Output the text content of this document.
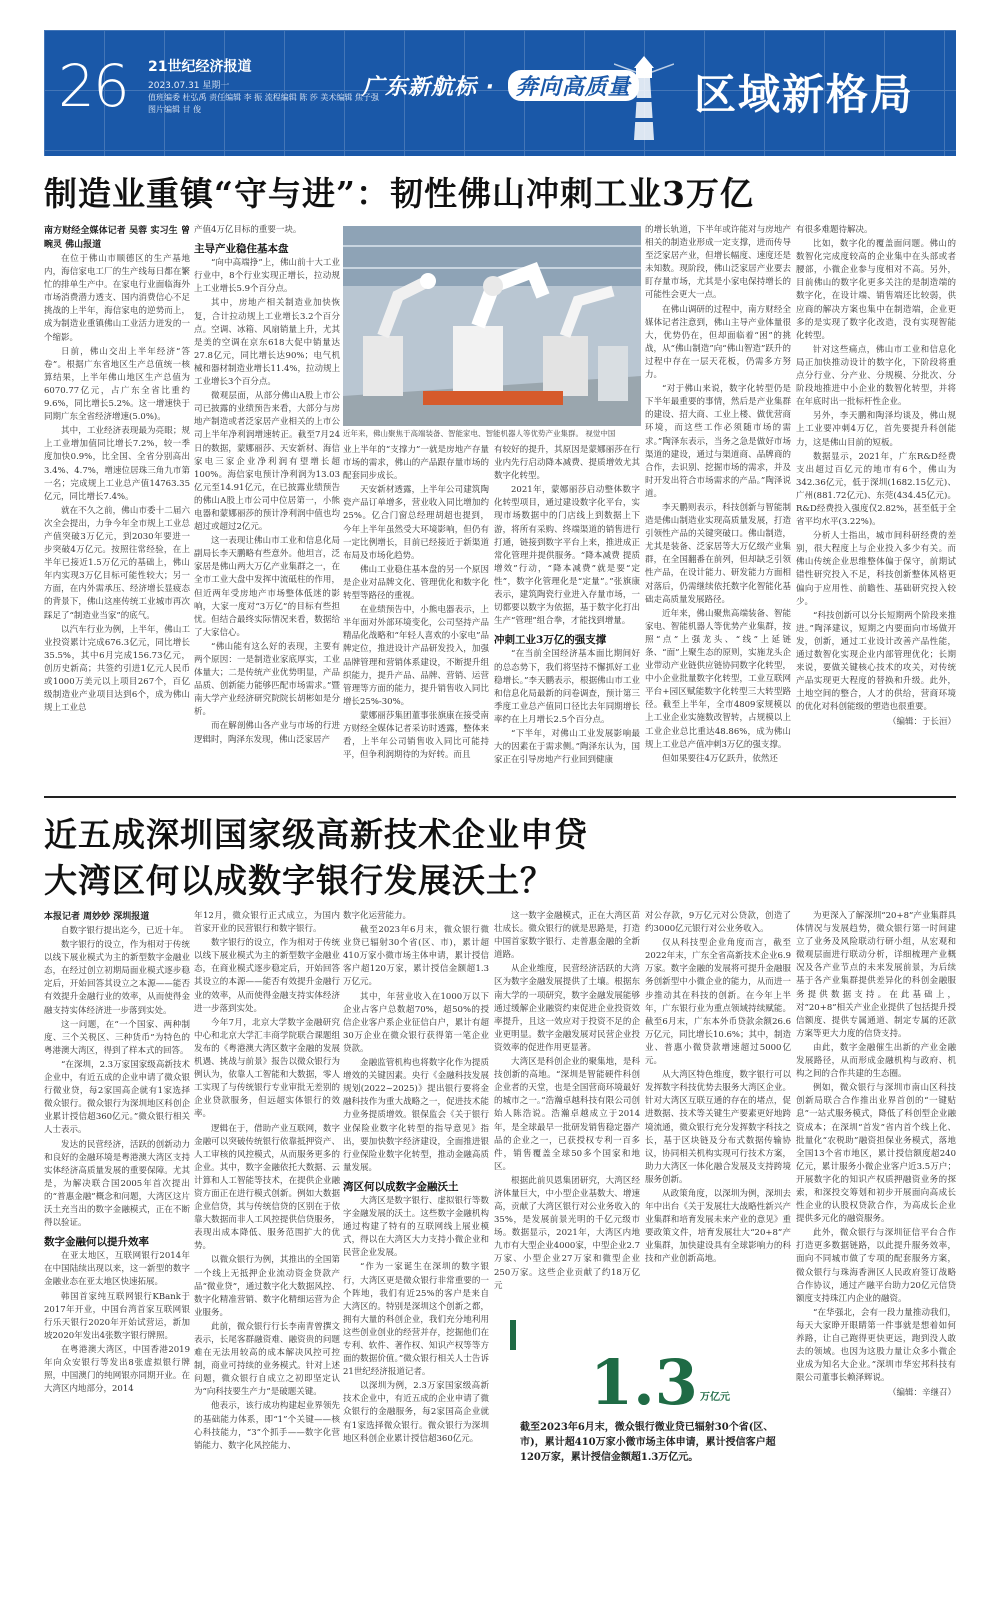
26 21世纪经济报道
2023.07.31 星期一
值班编委 杜弘禹 责任编辑 李 振 流程编辑 陈 莎 美术编辑 焦子强 图片编辑 甘 俊
广东新航标 · 奔向高质量 区域新格局
制造业重镇“守与进”：韧性佛山冲刺工业3万亿

南方财经全媒体记者 吴蓉 实习生 曾畹灵 佛山报道

在位于佛山市顺德区的生产基地内，海信家电工厂的生产线每日都在繁忙的排单生产中。在家电行业面临海外市场消费潜力透支、国内消费信心不足挑战的上半年，海信家电的逆势而上，成为制造业重镇佛山工业活力迸发的一个缩影。

日前，佛山交出上半年经济“答卷”。根据广东省地区生产总值统一核算结果，上半年佛山地区生产总值为6070.77亿元，占广东全省比重约9.6%，同比增长5.2%。这一增速快于同期广东全省经济增速(5.0%)。

其中，工业经济表现最为亮眼；规上工业增加值同比增长7.2%，较一季度加快0.9%，比全国、全省分别高出3.4%、4.7%，增速位居珠三角九市第一名；完成规上工业总产值14763.35亿元，同比增长7.4%。

就在不久之前，佛山市委十二届六次全会提出，力争今年全市规上工业总产值突破3万亿元，到2030年要进一步突破4万亿元。按照往常经验，在上半年已接近1.5万亿元的基础上，佛山年内实现3万亿目标可能性较大；另一方面，在内外需承压、经济增长显疲态的背景下，佛山这座传统工业城市再次踩足了“制造业当家”的底气。

以汽车行业为例，上半年，佛山工业投资累计完成676.3亿元，同比增长35.5%，其中6月完成156.73亿元，创历史新高；共签约引进1亿元人民币或1000万美元以上项目267个，百亿级制造业产业项目达到6个，成为佛山规上工业总

产值4万亿目标的重要一块。

主导产业稳住基本盘

“向中高端挣”上，佛山前十大工业行业中，8个行业实现正增长，拉动规上工业增长5.9个百分点。

其中，房地产相关制造业加快恢复，合计拉动规上工业增长3.2个百分点。空调、冰箱、风扇销量上升，尤其是美的空调在京东618大促中销量达27.8亿元，同比增长达90%；电气机械和器材制造业增长11.4%，拉动规上工业增长3个百分点。

微观层面，从部分佛山A股上市公司已披露的业绩预告来看，大部分与房地产制造或者泛家居产业相关的上市公司上半年净利润增速转正。截至7月24日的数据，蒙娜丽莎、天安新材、海信家电三家企业净利润有望增长超100%。海信家电预计净利润为13.03亿元至14.91亿元，在已披露业绩预告的佛山A股上市公司中位居第一，小熊电器和蒙娜丽莎的预计净利润中值也均超过或超过2亿元。

这一表现让佛山市工业和信息化局副局长李天鹏略有些意外。他坦言，泛家居是佛山两大万亿产业集群之一，在全市工业大盘中发挥中流砥柱的作用，但近两年受房地产市场整体低迷的影响，大家一度对“3万亿”的目标有些担忧。但结合最终实际情况来看，数据给了大家信心。

“佛山能有这么好的表现，主要有两个原因：一是制造业家底厚实，工业体量大；二是传统产业优势明显，产品品质、创新能力能够匹配市场需求。”暨南大学产业经济研究院院长胡彬如是分析。

而在解剖佛山各产业与市场的行进逻辑时，陶泽东发现，佛山泛家居产

近年来，佛山聚焦于高端装备、智能家电、智能机器人等优势产业集群。 视觉中国

业上半年的“支撑力”一就是房地产存量市场的需求，佛山的产品跟存量市场的配套同步成长。

天安新材透露，上半年公司建筑陶瓷产品订单增多，营业收入同比增加约25%。亿合门窗总经理胡超也提到，今年上半年虽然受大环境影响，但仍有一定比例增长，目前已经接近于新渠道布局及市场化趋势。

佛山工业稳住基本盘的另一个原因是企业对品牌文化、管理优化和数字化转型等路径的重视。

在业绩预告中，小熊电器表示，上半年面对外部环境变化，公司坚持产品精品化战略和“年轻人喜欢的小家电”品牌定位，推进设计产品研发投入，加强品牌管理和营销体系建设，不断提升组织能力，提升产品、品牌、营销、运营管理等方面的能力，提升销售收入同比增长25%-30%。

蒙娜丽莎集团董事张旗康在接受南方财经全媒体记者采访时透露，整体来看，上半年公司销售收入同比可能持平，但争利润期待的为好转。而且

有较好的提升，其原因是蒙娜丽莎在行业内先行启动降本减费、提质增效尤其数字化转型。

2021年，蒙娜丽莎启动整体数字化转型项目，通过建设数字化平台，实现市场数据中的门店线上到数据上下游，将所有采购、终端渠道的销售进行打通，链接到数字平台上来，推进成正常化管理并提供服务。“降本减费 提质增效”行动，“降本减费”就是要“定性”，数字化管理化是“定量”。”张旗康表示，建筑陶瓷行业进入存量市场，一切都要以数字为依据，基于数字化打出生产“管理”组合拳，才能找到增量。

冲刺工业3万亿的强支撑

“在当前全国经济基本面比期间好的总态势下，我们将坚持不懈抓好工业稳增长。”李天鹏表示，根据佛山市工业和信息化局最新的问卷调查，预计第三季度工业总产值同口径比去年同期增长率约在上月增长2.5个百分点。

“下半年，对佛山工业发展影响最大的因素在于需求侧。”陶泽东认为，国家正在引导房地产行业回到健康

的增长轨道，下半年或许能对与房地产相关的制造业形成一定支撑，进而传导至泛家居产业，但增长幅度、速度还是未知数。现阶段，佛山泛家居产业要去盯存量市场，尤其是小家电保持增长的可能性会更大一点。

在佛山调研的过程中，南方财经全媒体记者注意到，佛山主导产业体量很大，优势仍在，但却面临着“困”的挑战，从“佛山制造”向“佛山智造”跃升的过程中存在一层天花板，仍需多方努力。

“对于佛山来说，数字化转型仍是下半年最重要的事情，然后是产业集群的建设、招大商、工业上楼、做优营商环境，而这些工作必须随市场的需求。”陶泽东表示，当务之急是做好市场渠道的建设，通过与渠道商、品牌商的合作，去识别、挖掘市场的需求，并及时开发出符合市场需求的产品。”陶泽说道。

李天鹏则表示，科技创新与智能制造是佛山制造业实现高质量发展，打造引领性产品的关键突破口。佛山制造，尤其是装备、泛家居等大万亿级产业集群，在全国翻番在前列，但却缺乏引领性产品，在设计能力、研发能力方面相对落后，仍需继续依托数字化智能化基础走高质量发展路径。

近年来，佛山聚焦高端装备、智能家电、智能机器人等优势产业集群，按照“点”上强龙头、“线”上延链条、“面”上聚生态的原则，实施龙头企业带动产业链供应链协同数字化转型，中小企业批量数字化转型，工业互联网平台+园区赋能数字化转型三大转型路径。截至上半年，全市4809家规模以上工业企业实施数改智转，占规模以上工业企业总比重达48.86%，成为佛山规上工业总产值冲刺3万亿的强支撑。

但如果要往4万亿跃升，依然还

有很多难题待解决。

比如，数字化的覆盖面问题。佛山的数智化完成度较高的企业集中在头部或者腰部，小微企业参与度相对不高。另外，目前佛山的数字化更多关注的是制造端的数字化，在设计端、销售端还比较弱，供应商的解决方案也集中在制造端，企业更多的是实现了数字化改造，没有实现智能化转型。

针对这些痛点，佛山市工业和信息化局正加快推动设计的数字化，下阶段将重点分行业、分产业、分规模、分批次、分阶段地推进中小企业的数智化转型，并将在年底时出一批标杆性企业。

另外，李天鹏和陶泽均谈及，佛山规上工业要冲刺4万亿，首先要提升科创能力，这是佛山目前的短板。

数据显示，2021年，广东R&D经费支出超过百亿元的地市有6个，佛山为342.36亿元，低于深圳(1682.15亿元)、广州(881.72亿元)、东莞(434.45亿元)。R&D经费投入强度仅2.82%，甚至低于全省平均水平(3.22%)。

分析人士指出，城市间科研经费的差别，很大程度上与企业投入多少有关。而佛山传统企业思维整体偏于保守，前期试错性研究投入不足，科技创新整体风格更偏向于应用性、前瞻性、基础研究投入较少。

“科技创新可以分长短期两个阶段来推进。”陶泽建议，短期之内要面向市场做开发，创新，通过工业设计改善产品性能，通过数智化实现企业内部管理优化；长期来说，要做关键核心技术的攻关，对传统产品实现更大程度的替换和升级。此外，土地空间的整合，人才的供给，营商环境的优化对科创能级的塑造也很重要。

（编辑：于长洹）

近五成深圳国家级高新技术企业申贷
大湾区何以成数字银行发展沃土？

本报记者 周妙妙 深圳报道

自数字银行提出迄今，已近十年。

数字银行的设立，作为相对于传统以线下展业模式为主的新型数字金融业态，在经过创立初期局面业模式逐步稳定后，开始回答其设立之本源——能否有效提升金融行业的效率，从而使得金融支持实体经济进一步落到实处。

这一问题，在“一个国家、两种制度、三个关税区、三种货币”为特色的粤港澳大湾区，得到了样本式的回答。

“在深圳，2.3万家国家级高新技术企业中，有近五成的企业申请了微众银行微业贷，每2家国高企就有1家选择微众银行。微众银行为深圳地区科创企业累计授信超360亿元。”微众银行相关人士表示。

发达的民营经济，活跃的创新动力和良好的金融环境是粤港澳大湾区支持实体经济高质量发展的重要保障。尤其是，为解决联合国2005年首次提出的“普惠金融”概念和问题，大湾区这片沃土充当出的数字金融模式，正在不断得以验证。

数字金融何以提升效率

在亚太地区，互联网银行2014年在中国陆续出现以来，这一新型的数字金融业态在亚太地区快速拓展。

韩国首家纯互联网银行KBank于2017年开业，中国台湾首家互联网银行乐天银行2020年开始试营运，新加坡2020年发出4张数字银行牌照。

在粤港澳大湾区，中国香港2019年向众安银行等发出8张虚拟银行牌照，中国澳门的纯网银亦同期开业。在大湾区内地部分，2014

年12月，微众银行正式成立，为国内首家开业的民营银行和数字银行。

数字银行的设立，作为相对于传统以线下展业模式为主的新型数字金融业态，在商业模式逐步稳定后，开始回答其设立的本源——能否有效提升金融行业的效率，从而使得金融支持实体经济进一步落到实处。

今年7月，北京大学数字金融研究中心和北京大学汇丰商学院联合课题组发布的《粤港澳大湾区数字金融的发展机遇、挑战与前景》报告以微众银行为例认为，依靠人工智能和大数据，零人工实现了与传统银行专业审批无差别的企业贷款服务，但远超实体银行的效率。

逻辑在于，借助产业互联网，数字金融可以突破传统银行依靠抵押资产、人工审核的风控模式，从而服务更多的企业。其中，数字金融依托大数据、云计算和人工智能等技术，在提供企业融资方面正在进行模式创新。例如大数据企业信贷，其与传统信贷的区别在于依靠大数据而非人工风控提供信贷服务，表现出成本降低、服务范围扩大的优势。

以微众银行为例，其推出的全国第一个线上无抵押企业流动资金贷款产品“微业贷”，通过数字化大数据风控、数字化精准营销、数字化精细运营为企业服务。

此前，微众银行行长李南青曾撰文表示，长尾客群融资难、融资贵的问题难在无法用较高的成本解决风控可控制，商业可持续的业务模式。针对上述问题，微众银行自成立之初即坚定认为“向科技要生产力”是破题关键。

他表示，该行成功构建起业界领先的基础能力体系，即“1”个关键——核心科技能力，“3”个抓手——数字化营销能力、数字化风控能力、

数字化运营能力。

截至2023年6月末，微众银行微业贷已辐射30个省(区、市)，累计超410万家小微市场主体申请，累计授信客户超120万家，累计授信金额超1.3万亿元。

其中，年营业收入在1000万以下企业占客户总数超70%，超50%的授信企业客户系企业征信白户，累计有超30万企业在微众银行获得第一笔企业贷款。

金融监管机构也将数字化作为提质增效的关键因素。央行《金融科技发展规划(2022~2025)》提出银行要将金融科技作为重大战略之一，促进技术能力业务提质增效。银保监会《关于银行业保险业数字化转型的指导意见》指出，要加快数字经济建设，全面推进银行业保险业数字化转型，推动金融高质量发展。

湾区何以成数字金融沃土

大湾区是数字银行、虚拟银行等数字金融发展的沃土。这些数字金融机构通过构建了特有的互联网线上展业模式，得以在大湾区大力支持小微企业和民营企业发展。

“作为一家诞生在深圳的数字银行，大湾区更是微众银行非常重要的一个阵地，我们有近25%的客户是来自大湾区的。特别是深圳这个创新之都，拥有大量的科创企业，我们充分地利用这些创业创业的经营并存，挖掘他们在专利、软件、著作权、知识产权等等方面的数据价值。”微众银行相关人士告诉21世纪经济报道记者。

以深圳为例，2.3万家国家级高新技术企业中，有近五成的企业申请了微众银行的金融服务，每2家国高企业就有1家选择微众银行。微众银行为深圳地区科创企业累计授信超360亿元。

这一数字金融模式，正在大湾区苗壮成长。微众银行的就是思路是，打造中国首家数字银行、走普惠金融的全新道路。

从企业维度，民营经济活跃的大湾区为数字金融发展提供了土壤。根据东南大学的一项研究，数字金融发展能够通过缓解企业融资约束促进企业投资效率提升，且这一效应对于投资不足的企业更明显。数字金融发展对民营企业投资效率的促进作用更显著。

大湾区是科创企业的聚集地，是科技创新的高地。“深圳是智能硬件科创企业者的天堂，也是全国营商环境最好的城市之一。”浩瀚卓越科技有限公司创始人陈浩说。浩瀚卓越成立于2014年，是全球最早一批研发销售稳定器产品的企业之一，已获授权专利一百多件，销售覆盖全球50多个国家和地区。

根据此前贝恩集团研究，大湾区经济体量巨大，中小型企业基数大、增速高，贡献了大湾区银行对公业务收入的35%，是发展前景光明的千亿元级市场。数据显示，2021年，大湾区内地九市有大型企业4000家，中型企业2.7万家、小型企业27万家和微型企业250万家。这些企业贡献了约18万亿元

对公存款，9万亿元对公贷款，创造了约3000亿元银行对公业务收入。

仅从科技型企业角度而言，截至2022年末，广东全省高新技术企业6.9万家。数字金融的发展将可提升金融服务创新型中小微企业的能力，从而进一步推动其在科技的创新。在今年上半年，广东银行业为重点领域持续赋能。截至6月末，广东本外币贷款余额26.6万亿元，同比增长10.6%；其中，制造业、普惠小微贷款增速超过5000亿元。

从大湾区特色维度，数字银行可以发挥数字科技优势去服务大湾区企业。针对大湾区互联互通的存在的堵点，促进数据、技术等关键生产要素更好地跨境流通，微众银行充分发挥数字科技之长，基于区块链及分布式数据传输协议，协同相关机构实现可行技术方案，助力大湾区一体化融合发展及支持跨境服务创新。

从政策角度，以深圳为例，深圳去年中出台《关于发展壮大战略性新兴产业集群和培育发展未来产业的意见》重要政策文件，培育发展壮大“20+8”产业集群，加快建设具有全球影响力的科技和产业创新高地。

1.3 万亿元
截至2023年6月末，微众银行微业贷已辐射30个省(区、市)，累计超410万家小微市场主体申请，累计授信客户超120万家，累计授信金额超1.3万亿元。

为更深入了解深圳“20+8”产业集群具体情况与发展趋势，微众银行第一时间建立了业务及风险联动行研小组，从宏观和微观层面进行联动分析，详细梳理产业概况及各产业节点的未来发展前景，为后续基于各产业集群提供差异化的科创金融服务提供数据支持。在此基础上，对“20+8”相关产业企业提供了包括提升授信额度、提供专属通道、制定专属的还款方案等更大力度的信贷支持。

由此，数字金融催生出新的产业金融发展路径，从而形成金融机构与政府、机构之间的合作共建的生态圈。

例如，微众银行与深圳市南山区科技创新局联合合作推出业界首创的“一键贴息”一站式服务模式，降低了科创型企业融资成本；在深圳“首发”省内首个线上化、批量化“农税助”融资担保业务模式，落地全国13个省市地区，累计授信额度超240亿元，累计服务小微企业客户近3.5万户；开展数字化的知识产权质押融资业务的探索，和深投交筹划和初步开展面向高成长性企业的认股权贷款合作，为高成长企业提供多元化的融资服务。

此外，微众银行与深圳征信平台合作打造更多数据链路，以此提升服务效率，面向不同城市做了专项的配套服务方案，微众银行与珠海香洲区人民政府签订战略合作协议，通过产融平台助力20亿元信贷额度支持珠江内企业的融资。

“在华强北，会有一段力量推动我们，每天大家睁开眼睛第一件事就是想着如何养路，让自己跑得更快更远，跑到没人敢去的领域。也因为这股力量让众多小微企业成为知名大企业。”深圳市华宏邦科技有限公司董事长赖泽辉说。

（编辑：辛继召）
